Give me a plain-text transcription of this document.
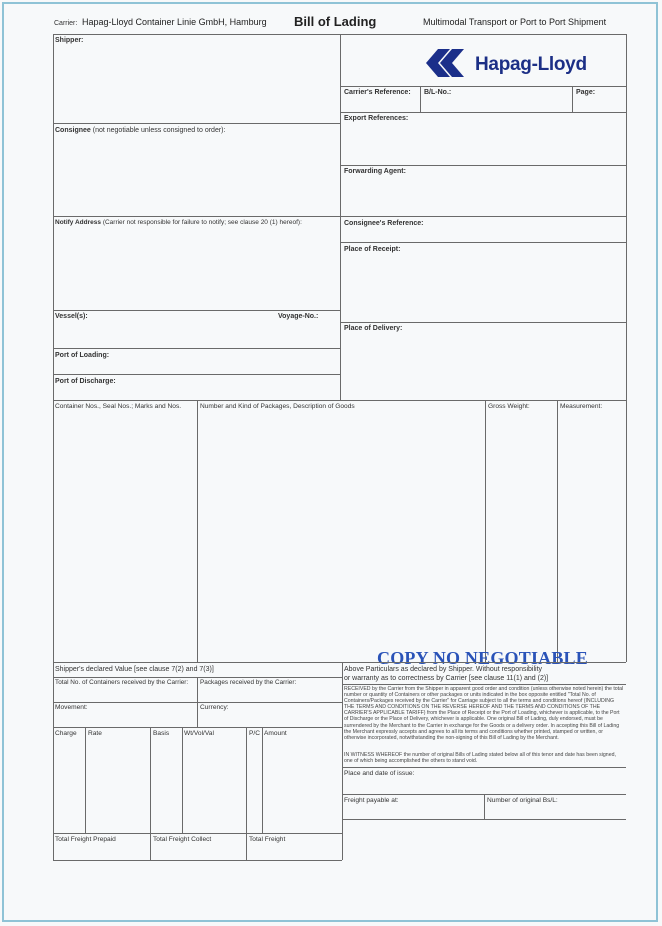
Carrier: Hapag-Lloyd Container Linie GmbH, Hamburg Bill of Lading	Multimodal Transport or Port to Port Shipment
Hapag-Lloyd
Shipper:
Consignee (not negotiable unless consigned to order):
Notify Address (Carrier not responsible for failure to notify; see clause 20 (1) hereof):
Vessel(s):	Voyage-No.:
Port of Loading:
Port of Discharge:
Carrier's Reference: B/L-No.:	Page:
Export References:
Forwarding Agent:
Consignee's Reference:
Place of Receipt:
Place of Delivery:
Container Nos., Seal Nos.; Marks and Nos.	Number and Kind of Packages, Description of Goods	Gross Weight:	Measurement:
COPY NO NEGOTIABLE
Shipper's declared Value [see clause 7(2) and 7(3)]	Above Particulars as declared by Shipper. Without responsibility
or warranty as to correctness by Carrier [see clause 11(1) and (2)]
Total No. of Containers received by the Carrier: Packages received by the Carrier:
Movement:	Currency:
Charge Rate	Basis Wt/Vol/Val	P/C Amount
Total Freight Prepaid	Total Freight Collect	Total Freight
RECEIVED by the Carrier from the Shipper in apparent good order and condition (unless otherwise noted herein) the total number or quantity of Containers or other packages or units indicated in the box opposite entitled "Total No. of Containers/Packages received by the Carrier" for Carriage subject to all the terms and conditions hereof (INCLUDING THE TERMS AND CONDITIONS ON THE REVERSE HEREOF AND THE TERMS AND CONDITIONS OF THE CARRIER'S APPLICABLE TARIFF) from the Place of Receipt or the Port of Loading, whichever is applicable, to the Port of Discharge or the Place of Delivery, whichever is applicable. One original Bill of Lading, duly endorsed, must be surrendered by the Merchant to the Carrier in exchange for the Goods or a delivery order. In accepting this Bill of Lading the Merchant expressly accepts and agrees to all its terms and conditions whether printed, stamped or written, or otherwise incorporated, notwithstanding the non-signing of this Bill of Lading by the Merchant.
IN WITNESS WHEREOF the number of original Bills of Lading stated below all of this tenor and date has been signed, one of which being accomplished the others to stand void.
Place and date of issue:
Freight payable at:	Number of original Bs/L:
